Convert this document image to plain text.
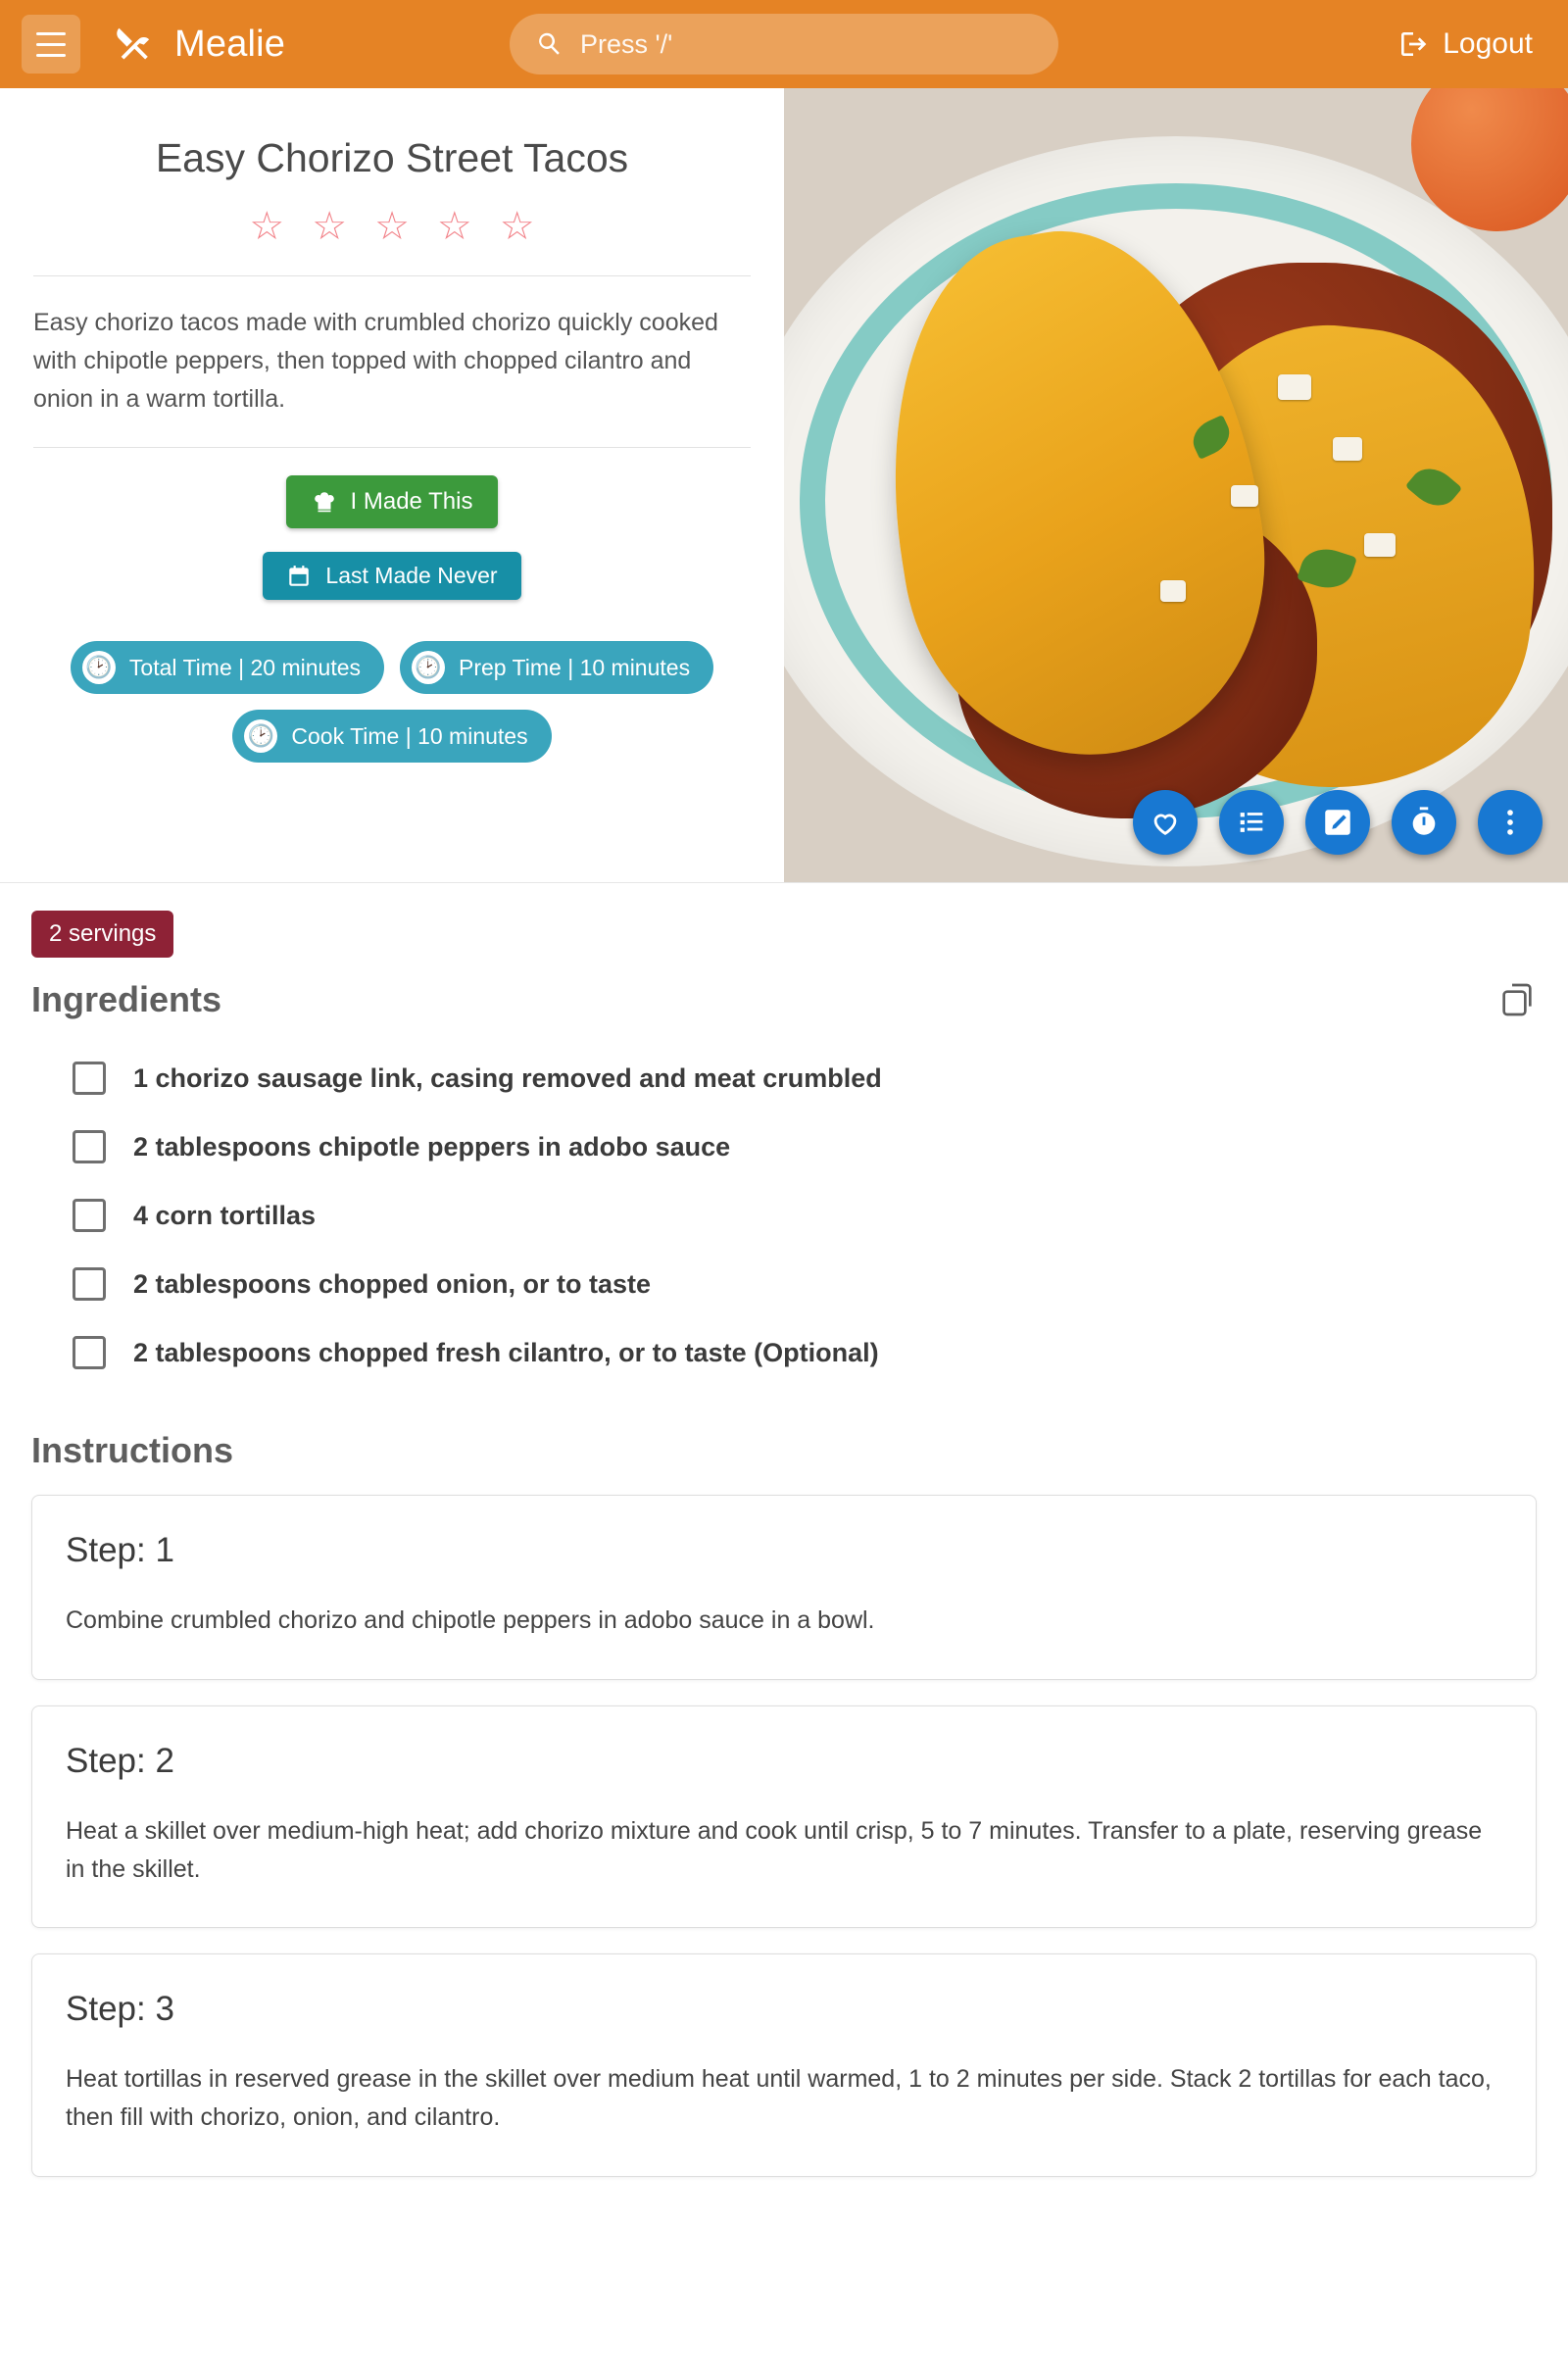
Mealie	Press '/'	Logout
Easy Chorizo Street Tacos
☆ ☆ ☆ ☆ ☆
Easy chorizo tacos made with crumbled chorizo quickly cooked with chipotle peppers, then topped with chopped cilantro and onion in a warm tortilla.
I Made This
Last Made Never
🕑 Total Time | 20 minutes	🕑 Prep Time | 10 minutes
🕑 Cook Time | 10 minutes
2 servings
Ingredients
1 chorizo sausage link, casing removed and meat crumbled
2 tablespoons chipotle peppers in adobo sauce
4 corn tortillas
2 tablespoons chopped onion, or to taste
2 tablespoons chopped fresh cilantro, or to taste (Optional)
Instructions
Step: 1
Combine crumbled chorizo and chipotle peppers in adobo sauce in a bowl.
Step: 2
Heat a skillet over medium-high heat; add chorizo mixture and cook until crisp, 5 to 7 minutes. Transfer to a plate, reserving grease in the skillet.
Step: 3
Heat tortillas in reserved grease in the skillet over medium heat until warmed, 1 to 2 minutes per side. Stack 2 tortillas for each taco, then fill with chorizo, onion, and cilantro.
